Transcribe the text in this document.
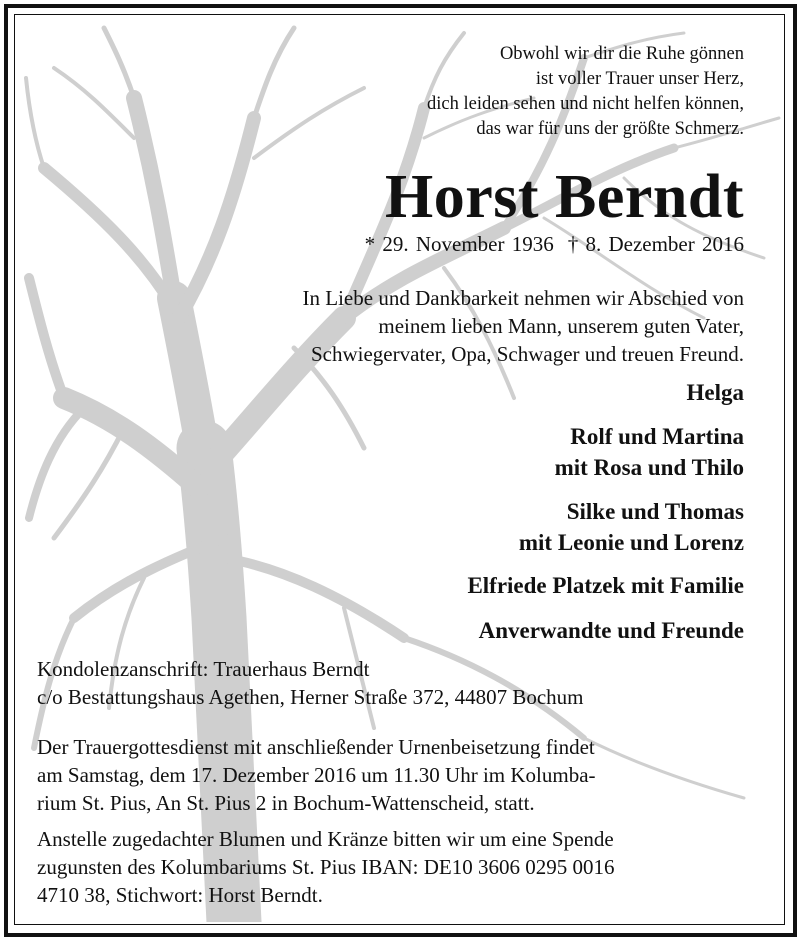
Obwohl wir dir die Ruhe gönnen
ist voller Trauer unser Herz,
dich leiden sehen und nicht helfen können,
das war für uns der größte Schmerz.
Horst Berndt
* 29. November 1936 † 8. Dezember 2016
In Liebe und Dankbarkeit nehmen wir Abschied von
meinem lieben Mann, unserem guten Vater,
Schwiegervater, Opa, Schwager und treuen Freund.
Helga
Rolf und Martina
mit Rosa und Thilo
Silke und Thomas
mit Leonie und Lorenz
Elfriede Platzek mit Familie
Anverwandte und Freunde
Kondolenzanschrift: Trauerhaus Berndt
c/o Bestattungshaus Agethen, Herner Straße 372, 44807 Bochum
Der Trauergottesdienst mit anschließender Urnenbeisetzung findet
am Samstag, dem 17. Dezember 2016 um 11.30 Uhr im Kolumba-
rium St. Pius, An St. Pius 2 in Bochum-Wattenscheid, statt.
Anstelle zugedachter Blumen und Kränze bitten wir um eine Spende
zugunsten des Kolumbariums St. Pius IBAN: DE10 3606 0295 0016
4710 38, Stichwort: Horst Berndt.
